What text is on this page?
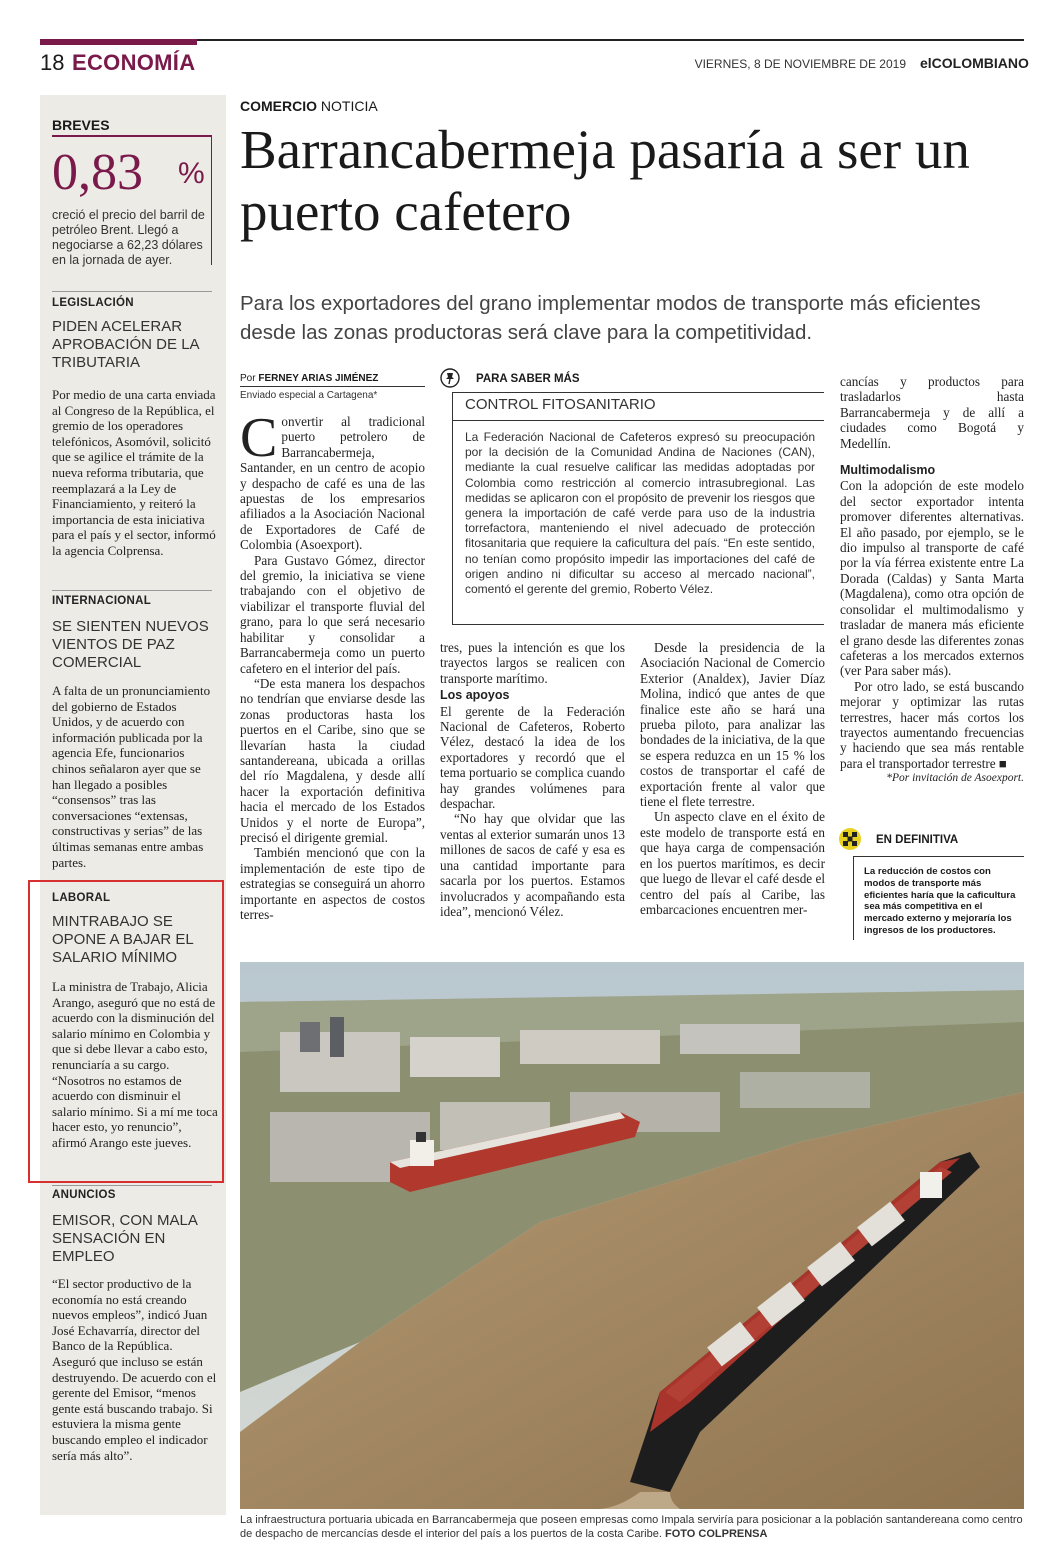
18 ECONOMÍA	VIERNES, 8 DE NOVIEMBRE DE 2019 elCOLOMBIANO
BREVES
0,83 %
creció el precio del barril de petróleo Brent. Llegó a negociarse a 62,23 dólares en la jornada de ayer.
LEGISLACIÓN
PIDEN ACELERAR APROBACIÓN DE LA TRIBUTARIA
Por medio de una carta enviada al Congreso de la República, el gremio de los operadores telefónicos, Asomóvil, solicitó que se agilice el trámite de la nueva reforma tributaria, que reemplazará a la Ley de Financiamiento, y reiteró la importancia de esta iniciativa para el país y el sector, informó la agencia Colprensa.
INTERNACIONAL
SE SIENTEN NUEVOS VIENTOS DE PAZ COMERCIAL
A falta de un pronunciamiento del gobierno de Estados Unidos, y de acuerdo con información publicada por la agencia Efe, funcionarios chinos señalaron ayer que se han llegado a posibles “consensos” tras las conversaciones “extensas, constructivas y serias” de las últimas semanas entre ambas partes.
LABORAL
MINTRABAJO SE OPONE A BAJAR EL SALARIO MÍNIMO
La ministra de Trabajo, Alicia Arango, aseguró que no está de acuerdo con la disminución del salario mínimo en Colombia y que si debe llevar a cabo esto, renunciaría a su cargo. “Nosotros no estamos de acuerdo con disminuir el salario mínimo. Si a mí me toca hacer esto, yo renuncio”, afirmó Arango este jueves.
ANUNCIOS
EMISOR, CON MALA SENSACIÓN EN EMPLEO
“El sector productivo de la economía no está creando nuevos empleos”, indicó Juan José Echavarría, director del Banco de la República. Aseguró que incluso se están destruyendo. De acuerdo con el gerente del Emisor, “menos gente está buscando trabajo. Si estuviera la misma gente buscando empleo el indicador sería más alto”.
COMERCIO NOTICIA
Barrancabermeja pasaría a ser un puerto cafetero
Para los exportadores del grano implementar modos de transporte más eficientes desde las zonas productoras será clave para la competitividad.
Por FERNEY ARIAS JIMÉNEZ
Enviado especial a Cartagena*

Convertir al tradicional puerto petrolero de Barrancabermeja, Santander, en un centro de acopio y despacho de café es una de las apuestas de los empresarios afiliados a la Asociación Nacional de Exportadores de Café de Colombia (Asoexport).

Para Gustavo Gómez, director del gremio, la iniciativa se viene trabajando con el objetivo de viabilizar el transporte fluvial del grano, para lo que será necesario habilitar y consolidar a Barrancabermeja como un puerto cafetero en el interior del país.

“De esta manera los despachos no tendrían que enviarse desde las zonas productoras hasta los puertos en el Caribe, sino que se llevarían hasta la ciudad santandereana, ubicada a orillas del río Magdalena, y desde allí hacer la exportación definitiva hacia el mercado de los Estados Unidos y el norte de Europa”, precisó el dirigente gremial.

También mencionó que con la implementación de este tipo de estrategias se conseguirá un ahorro importante en aspectos de costos terres-

PARA SABER MÁS
CONTROL FITOSANITARIO
La Federación Nacional de Cafeteros expresó su preocupación por la decisión de la Comunidad Andina de Naciones (CAN), mediante la cual resuelve calificar las medidas adoptadas por Colombia como restricción al comercio intrasubregional. Las medidas se aplicaron con el propósito de prevenir los riesgos que genera la importación de café verde para uso de la industria torrefactora, manteniendo el nivel adecuado de protección fitosanitaria que requiere la caficultura del país. “En este sentido, no tenían como propósito impedir las importaciones del café de origen andino ni dificultar su acceso al mercado nacional”, comentó el gerente del gremio, Roberto Vélez.

tres, pues la intención es que los trayectos largos se realicen con transporte marítimo.

Los apoyos

El gerente de la Federación Nacional de Cafeteros, Roberto Vélez, destacó la idea de los exportadores y recordó que el tema portuario se complica cuando hay grandes volúmenes para despachar.

“No hay que olvidar que las ventas al exterior sumarán unos 13 millones de sacos de café y esa es una cantidad importante para sacarla por los puertos. Estamos involucrados y acompañando esta idea”, mencionó Vélez.

Desde la presidencia de la Asociación Nacional de Comercio Exterior (Analdex), Javier Díaz Molina, indicó que antes de que finalice este año se hará una prueba piloto, para analizar las bondades de la iniciativa, de la que se espera reduzca en un 15 % los costos de transportar el café de exportación frente al valor que tiene el flete terrestre.

Un aspecto clave en el éxito de este modelo de transporte está en que haya carga de compensación en los puertos marítimos, es decir que luego de llevar el café desde el centro del país al Caribe, las embarcaciones encuentren mer-

cancías y productos para trasladarlos hasta Barrancabermeja y de allí a ciudades como Bogotá y Medellín.

Multimodalismo

Con la adopción de este modelo del sector exportador intenta promover diferentes alternativas. El año pasado, por ejemplo, se le dio impulso al transporte de café por la vía férrea existente entre La Dorada (Caldas) y Santa Marta (Magdalena), como otra opción de consolidar el multimodalismo y trasladar de manera más eficiente el grano desde las diferentes zonas cafeteras a los mercados externos (ver Para saber más).

Por otro lado, se está buscando mejorar y optimizar las rutas terrestres, hacer más cortos los trayectos aumentando frecuencias y haciendo que sea más rentable para el transportador terrestre ■

*Por invitación de Asoexport.

EN DEFINITIVA
La reducción de costos con modos de transporte más eficientes haría que la caficultura sea más competitiva en el mercado externo y mejoraría los ingresos de los productores.
La infraestructura portuaria ubicada en Barrancabermeja que poseen empresas como Impala serviría para posicionar a la población santandereana como centro de despacho de mercancías desde el interior del país a los puertos de la costa Caribe. FOTO COLPRENSA
